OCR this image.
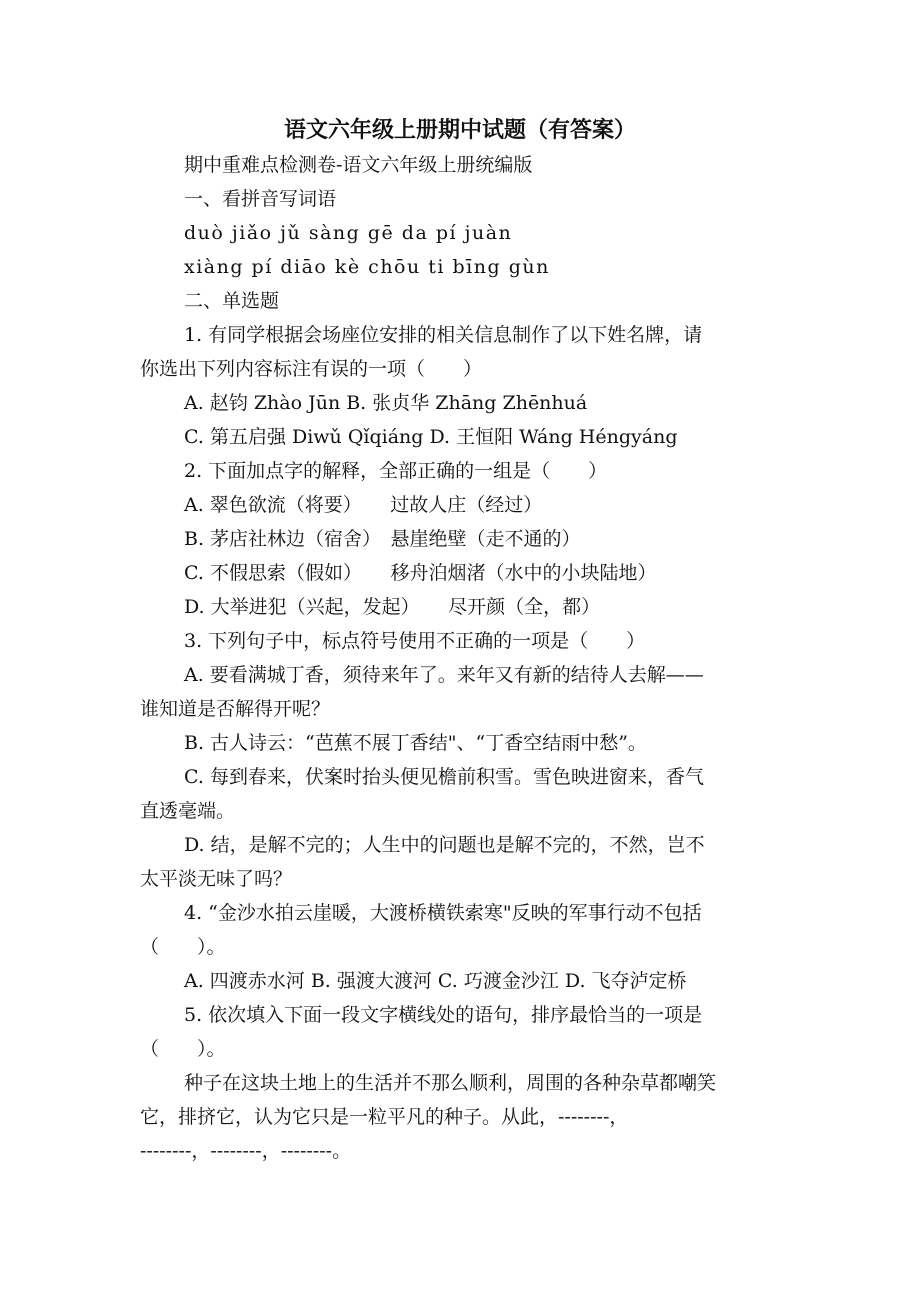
语文六年级上册期中试题（有答案）
期中重难点检测卷-语文六年级上册统编版
一、看拼音写词语
duò jiǎo jǔ sàng gē da pí juàn
xiàng pí diāo kè chōu ti bīng gùn
二、单选题
1. 有同学根据会场座位安排的相关信息制作了以下姓名牌，请
你选出下列内容标注有误的一项（　　）
A. 赵钧 Zhào Jūn B. 张贞华 Zhāng Zhēnhuá
C. 第五启强 Diwǔ Qǐqiáng D. 王恒阳 Wáng Héngyáng
2. 下面加点字的解释，全部正确的一组是（　　）
A. 翠色欲流（将要）　　过故人庄（经过）
B. 茅店社林边（宿舍）　悬崖绝壁（走不通的）
C. 不假思索（假如）　　移舟泊烟渚（水中的小块陆地）
D. 大举进犯（兴起，发起）　　尽开颜（全，都）
3. 下列句子中，标点符号使用不正确的一项是（　　）
A. 要看满城丁香，须待来年了。来年又有新的结待人去解——
谁知道是否解得开呢？
B. 古人诗云：“芭蕉不展丁香结"、“丁香空结雨中愁”。
C. 每到春来，伏案时抬头便见檐前积雪。雪色映进窗来，香气
直透毫端。
D. 结，是解不完的；人生中的问题也是解不完的，不然，岂不
太平淡无味了吗？
4. “金沙水拍云崖暖，大渡桥横铁索寒"反映的军事行动不包括
（　　）。
A. 四渡赤水河 B. 强渡大渡河 C. 巧渡金沙江 D. 飞夺泸定桥
5. 依次填入下面一段文字横线处的语句，排序最恰当的一项是
（　　）。
种子在这块土地上的生活并不那么顺利，周围的各种杂草都嘲笑
它，排挤它，认为它只是一粒平凡的种子。从此，--------，
--------，--------，--------。
